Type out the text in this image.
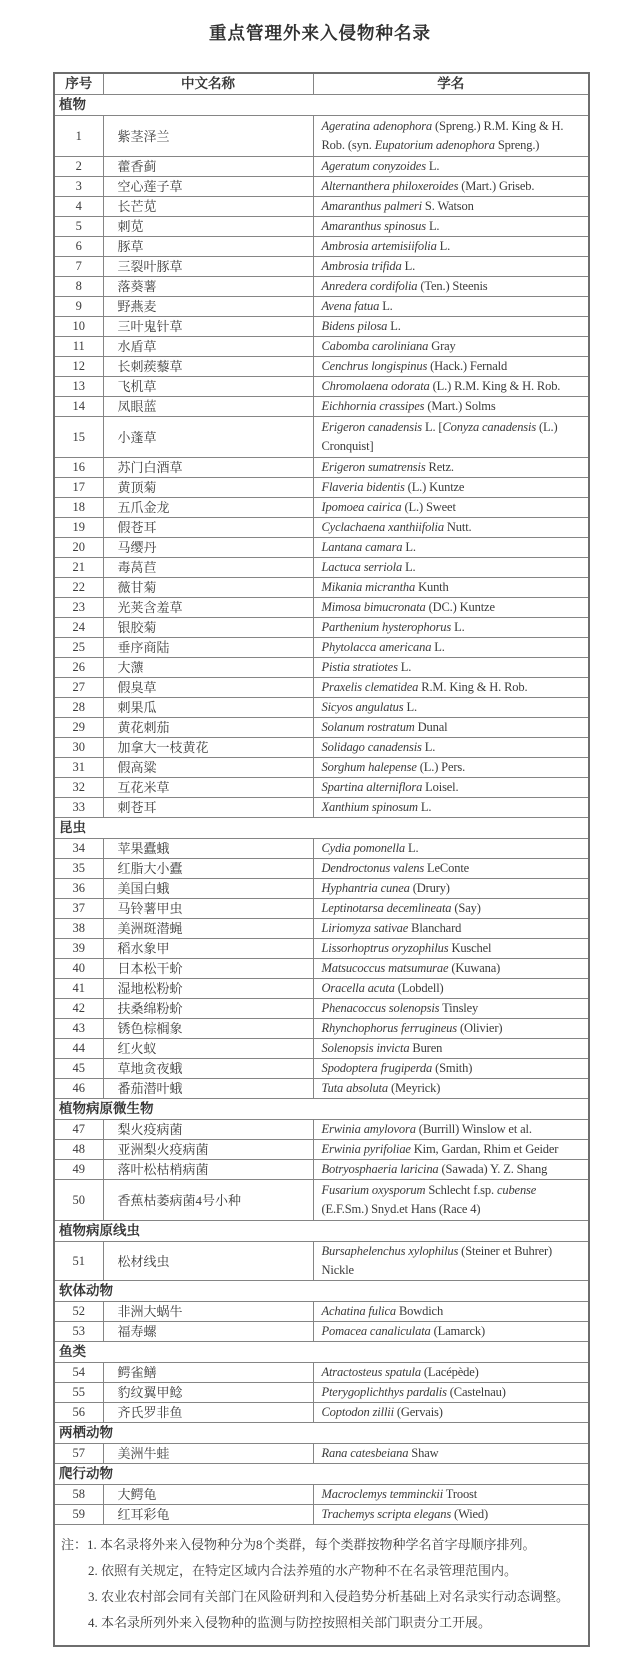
重点管理外来入侵物种名录
序号	中文名称	学名
植物		
1	紫茎泽兰	Ageratina adenophora (Spreng.) R.M. King & H. Rob. (syn. Eupatorium adenophora Spreng.)
2	藿香蓟	Ageratum conyzoides L.
3	空心莲子草	Alternanthera philoxeroides (Mart.) Griseb.
4	长芒苋	Amaranthus palmeri S. Watson
5	刺苋	Amaranthus spinosus L.
6	豚草	Ambrosia artemisiifolia L.
7	三裂叶豚草	Ambrosia trifida L.
8	落葵薯	Anredera cordifolia (Ten.) Steenis
9	野燕麦	Avena fatua L.
10	三叶鬼针草	Bidens pilosa L.
11	水盾草	Cabomba caroliniana Gray
12	长刺蒺藜草	Cenchrus longispinus (Hack.) Fernald
13	飞机草	Chromolaena odorata (L.) R.M. King & H. Rob.
14	凤眼蓝	Eichhornia crassipes (Mart.) Solms
15	小蓬草	Erigeron canadensis L. [Conyza canadensis (L.) Cronquist]
16	苏门白酒草	Erigeron sumatrensis Retz.
17	黄顶菊	Flaveria bidentis (L.) Kuntze
18	五爪金龙	Ipomoea cairica (L.) Sweet
19	假苍耳	Cyclachaena xanthiifolia Nutt.
20	马缨丹	Lantana camara L.
21	毒莴苣	Lactuca serriola L.
22	薇甘菊	Mikania micrantha Kunth
23	光荚含羞草	Mimosa bimucronata (DC.) Kuntze
24	银胶菊	Parthenium hysterophorus L.
25	垂序商陆	Phytolacca americana L.
26	大薸	Pistia stratiotes L.
27	假臭草	Praxelis clematidea R.M. King & H. Rob.
28	刺果瓜	Sicyos angulatus L.
29	黄花刺茄	Solanum rostratum Dunal
30	加拿大一枝黄花	Solidago canadensis L.
31	假高粱	Sorghum halepense (L.) Pers.
32	互花米草	Spartina alterniflora Loisel.
33	刺苍耳	Xanthium spinosum L.
昆虫		
34	苹果蠹蛾	Cydia pomonella L.
35	红脂大小蠹	Dendroctonus valens LeConte
36	美国白蛾	Hyphantria cunea (Drury)
37	马铃薯甲虫	Leptinotarsa decemlineata (Say)
38	美洲斑潜蝇	Liriomyza sativae Blanchard
39	稻水象甲	Lissorhoptrus oryzophilus Kuschel
40	日本松干蚧	Matsucoccus matsumurae (Kuwana)
41	湿地松粉蚧	Oracella acuta (Lobdell)
42	扶桑绵粉蚧	Phenacoccus solenopsis Tinsley
43	锈色棕榈象	Rhynchophorus ferrugineus (Olivier)
44	红火蚁	Solenopsis invicta Buren
45	草地贪夜蛾	Spodoptera frugiperda (Smith)
46	番茄潜叶蛾	Tuta absoluta (Meyrick)
植物病原微生物		
47	梨火疫病菌	Erwinia amylovora (Burrill) Winslow et al.
48	亚洲梨火疫病菌	Erwinia pyrifoliae Kim, Gardan, Rhim et Geider
49	落叶松枯梢病菌	Botryosphaeria laricina (Sawada) Y. Z. Shang
50	香蕉枯萎病菌4号小种	Fusarium oxysporum Schlecht f.sp. cubense (E.F.Sm.) Snyd.et Hans (Race 4)
植物病原线虫		
51	松材线虫	Bursaphelenchus xylophilus (Steiner et Buhrer) Nickle
软体动物		
52	非洲大蜗牛	Achatina fulica Bowdich
53	福寿螺	Pomacea canaliculata (Lamarck)
鱼类		
54	鳄雀鳝	Atractosteus spatula (Lacépède)
55	豹纹翼甲鲶	Pterygoplichthys pardalis (Castelnau)
56	齐氏罗非鱼	Coptodon zillii (Gervais)
两栖动物		
57	美洲牛蛙	Rana catesbeiana Shaw
爬行动物		
58	大鳄龟	Macroclemys temminckii Troost
59	红耳彩龟	Trachemys scripta elegans (Wied)

注：1. 本名录将外来入侵物种分为8个类群，每个类群按物种学名首字母顺序排列。
2. 依照有关规定，在特定区域内合法养殖的水产物种不在名录管理范围内。
3. 农业农村部会同有关部门在风险研判和入侵趋势分析基础上对名录实行动态调整。
4. 本名录所列外来入侵物种的监测与防控按照相关部门职责分工开展。		
